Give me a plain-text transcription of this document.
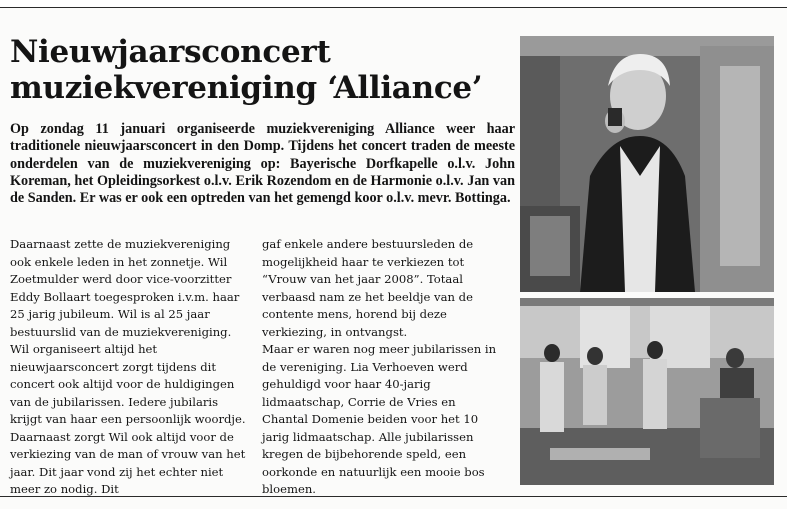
Nieuwjaarsconcert
muziekvereniging ‘Alliance’
Op zondag 11 januari organiseerde muziekvereniging Alliance weer haar traditionele nieuwjaarsconcert in den Domp. Tijdens het concert traden de meeste onderdelen van de muziekvereniging op: Bayerische Dorfkapelle o.l.v. John Koreman, het Opleidingsorkest o.l.v. Erik Rozendom en de Harmonie o.l.v. Jan van de Sanden. Er was er ook een optreden van het gemengd koor o.l.v. mevr. Bottinga.

Daarnaast zette de muziekvereniging ook enkele leden in het zonnetje. Wil Zoetmulder werd door vice-voorzitter Eddy Bollaart toegesproken i.v.m. haar 25 jarig jubileum. Wil is al 25 jaar bestuurslid van de muziekvereniging. Wil organiseert altijd het nieuwjaarsconcert zorgt tijdens dit concert ook altijd voor de huldigingen van de jubilarissen. Iedere jubilaris krijgt van haar een persoonlijk woordje. Daarnaast zorgt Wil ook altijd voor de verkiezing van de man of vrouw van het jaar. Dit jaar vond zij het echter niet meer zo nodig. Dit

gaf enkele andere bestuursleden de mogelijkheid haar te verkiezen tot “Vrouw van het jaar 2008”. Totaal verbaasd nam ze het beeldje van de contente mens, horend bij deze verkiezing, in ontvangst.

Maar er waren nog meer jubilarissen in de vereniging. Lia Verhoeven werd gehuldigd voor haar 40-jarig lidmaatschap, Corrie de Vries en Chantal Domenie beiden voor het 10 jarig lidmaatschap. Alle jubilarissen kregen de bijbehorende speld, een oorkonde en natuurlijk een mooie bos bloemen.
